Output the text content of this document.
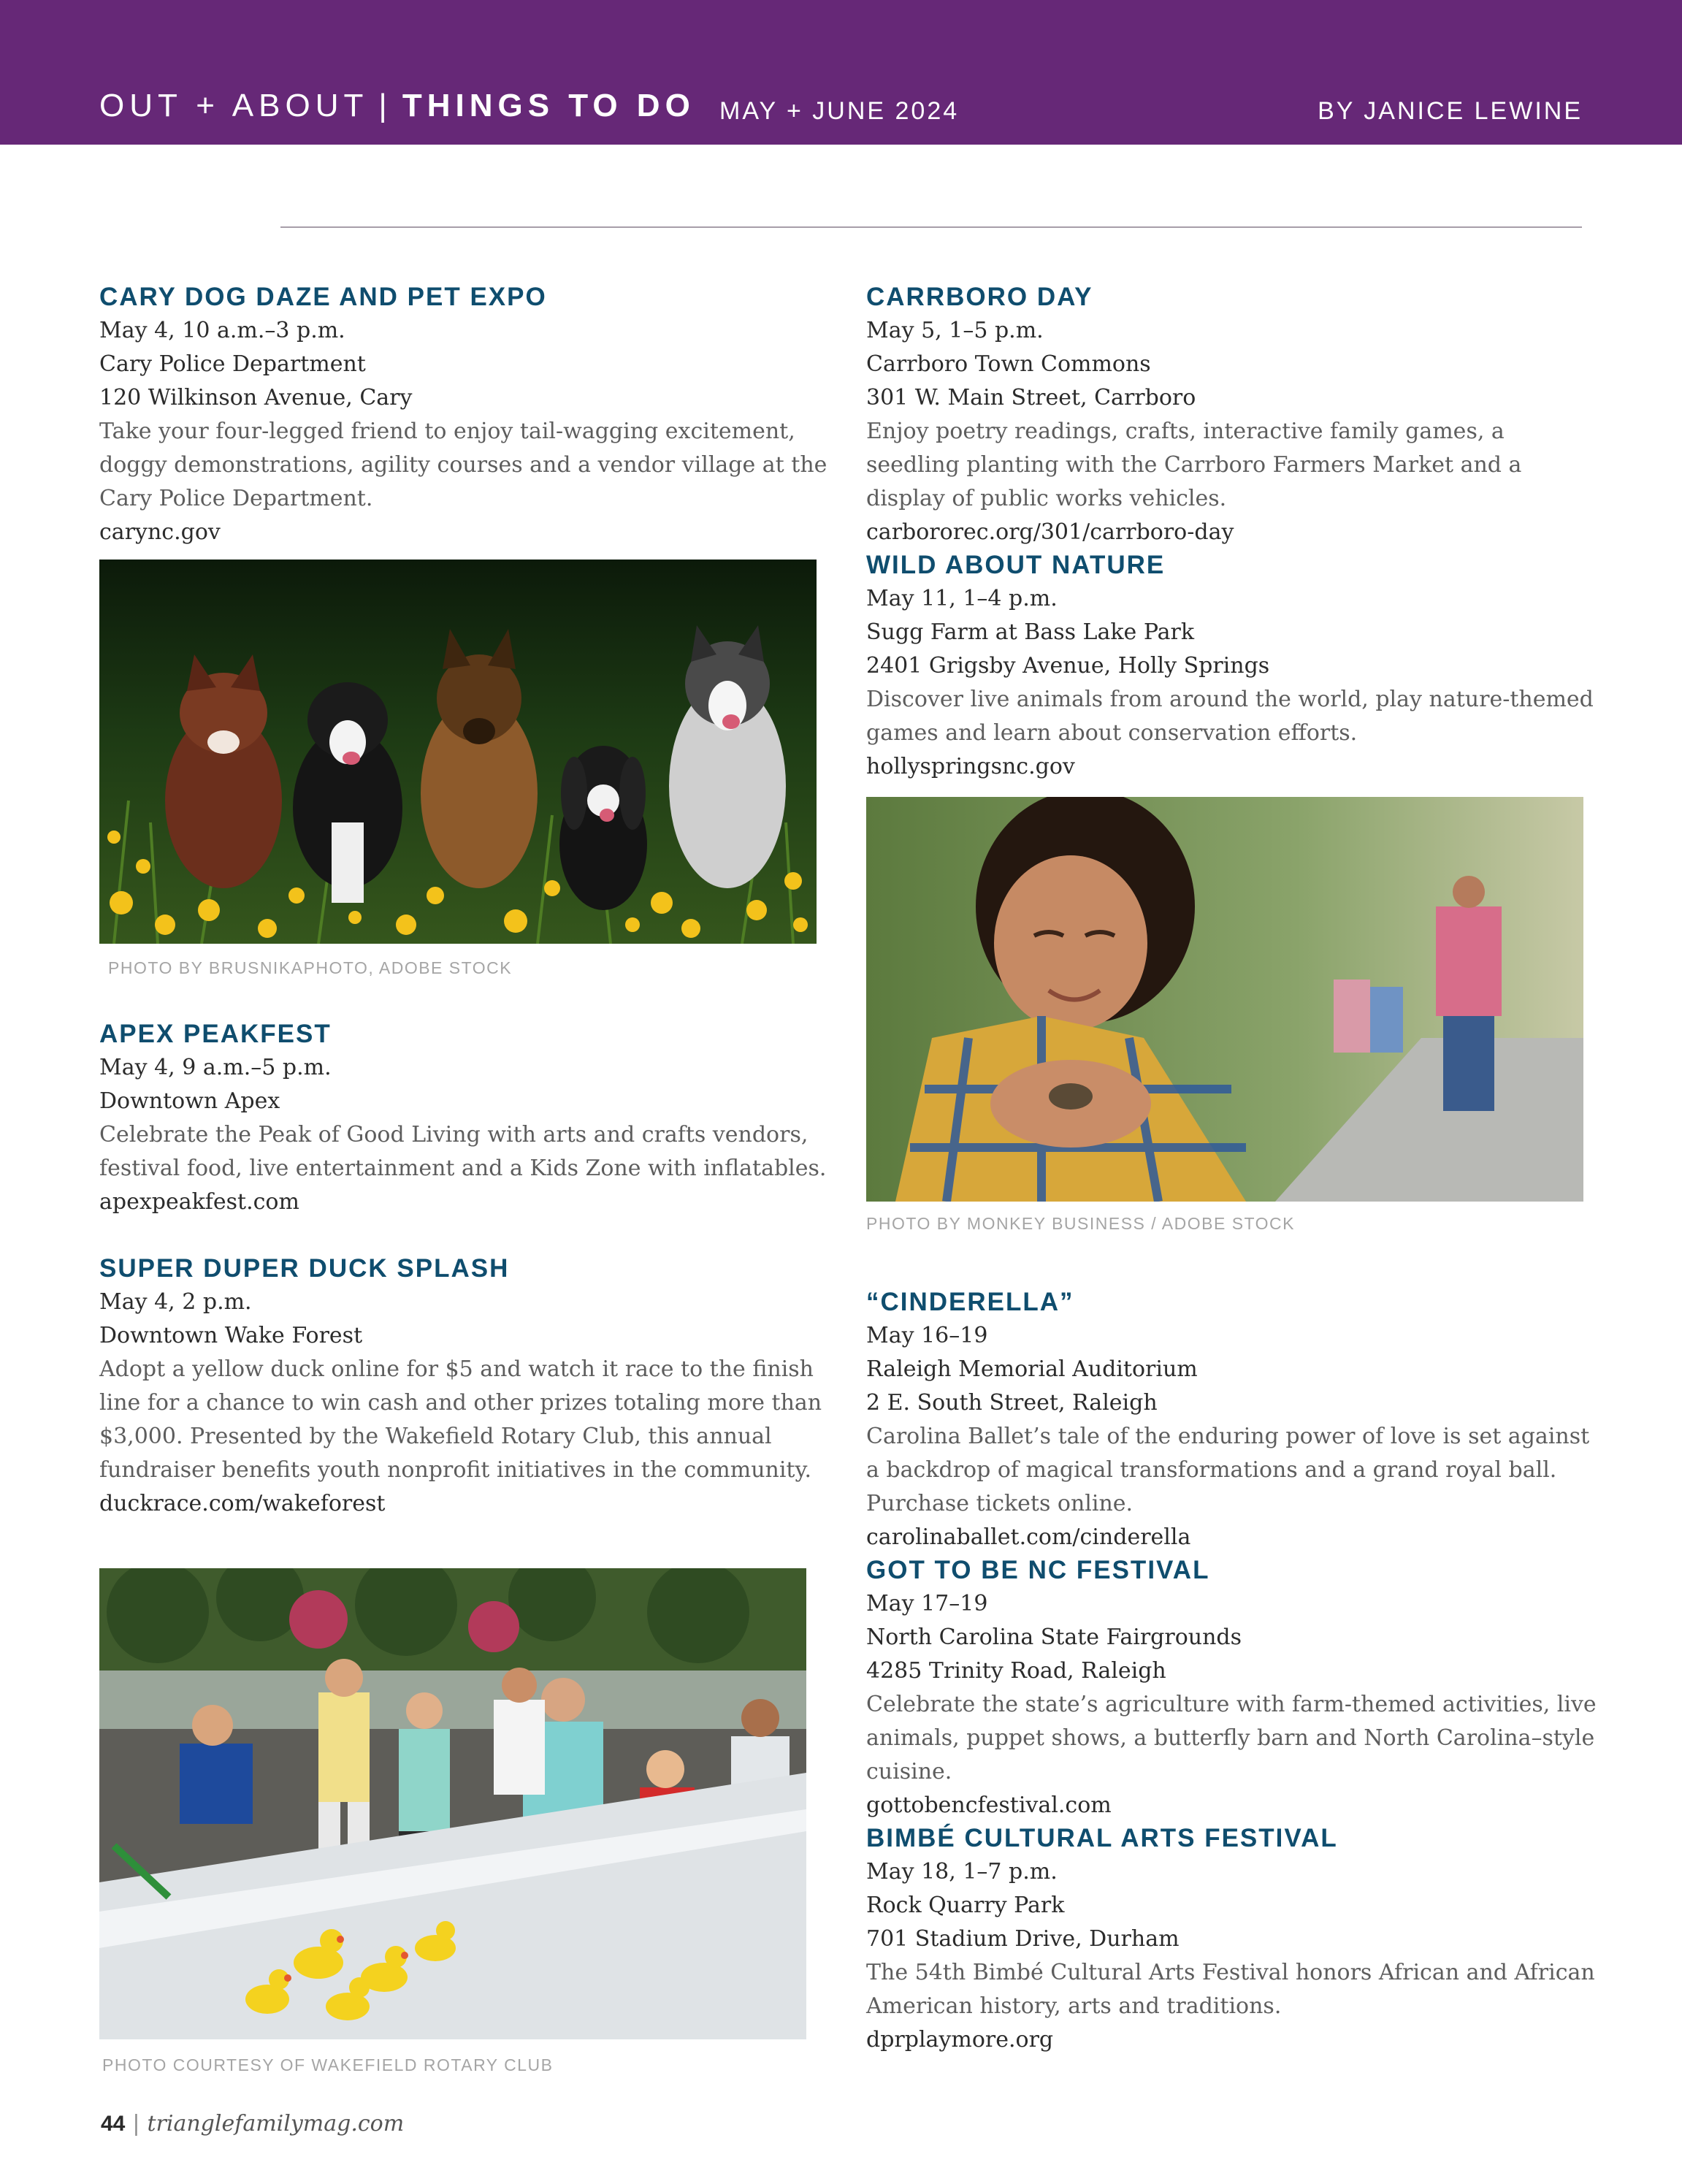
OUT + ABOUT | THINGS TO DO MAY + JUNE 2024	BY JANICE LEWINE
CARY DOG DAZE AND PET EXPO
May 4, 10 a.m.–3 p.m.
Cary Police Department
120 Wilkinson Avenue, Cary
Take your four-legged friend to enjoy tail-wagging excitement, doggy demonstrations, agility courses and a vendor village at the Cary Police Department.
carync.gov
PHOTO BY BRUSNIKAPHOTO, ADOBE STOCK
APEX PEAKFEST
May 4, 9 a.m.–5 p.m.
Downtown Apex
Celebrate the Peak of Good Living with arts and crafts vendors, festival food, live entertainment and a Kids Zone with inflatables.
apexpeakfest.com
SUPER DUPER DUCK SPLASH
May 4, 2 p.m.
Downtown Wake Forest
Adopt a yellow duck online for $5 and watch it race to the finish line for a chance to win cash and other prizes totaling more than $3,000. Presented by the Wakefield Rotary Club, this annual fundraiser benefits youth nonprofit initiatives in the community.
duckrace.com/wakeforest
PHOTO COURTESY OF WAKEFIELD ROTARY CLUB
CARRBORO DAY
May 5, 1–5 p.m.
Carrboro Town Commons
301 W. Main Street, Carrboro
Enjoy poetry readings, crafts, interactive family games, a seedling planting with the Carrboro Farmers Market and a display of public works vehicles.
carbororec.org/301/carrboro-day
WILD ABOUT NATURE
May 11, 1–4 p.m.
Sugg Farm at Bass Lake Park
2401 Grigsby Avenue, Holly Springs
Discover live animals from around the world, play nature-themed games and learn about conservation efforts.
hollyspringsnc.gov
PHOTO BY MONKEY BUSINESS / ADOBE STOCK
“CINDERELLA”
May 16–19
Raleigh Memorial Auditorium
2 E. South Street, Raleigh
Carolina Ballet’s tale of the enduring power of love is set against a backdrop of magical transformations and a grand royal ball. Purchase tickets online.
carolinaballet.com/cinderella
GOT TO BE NC FESTIVAL
May 17–19
North Carolina State Fairgrounds
4285 Trinity Road, Raleigh
Celebrate the state’s agriculture with farm-themed activities, live animals, puppet shows, a butterfly barn and North Carolina–style cuisine.
gottobencfestival.com
BIMBÉ CULTURAL ARTS FESTIVAL
May 18, 1–7 p.m.
Rock Quarry Park
701 Stadium Drive, Durham
The 54th Bimbé Cultural Arts Festival honors African and African American history, arts and traditions.
dprplaymore.org
44 | trianglefamilymag.com
